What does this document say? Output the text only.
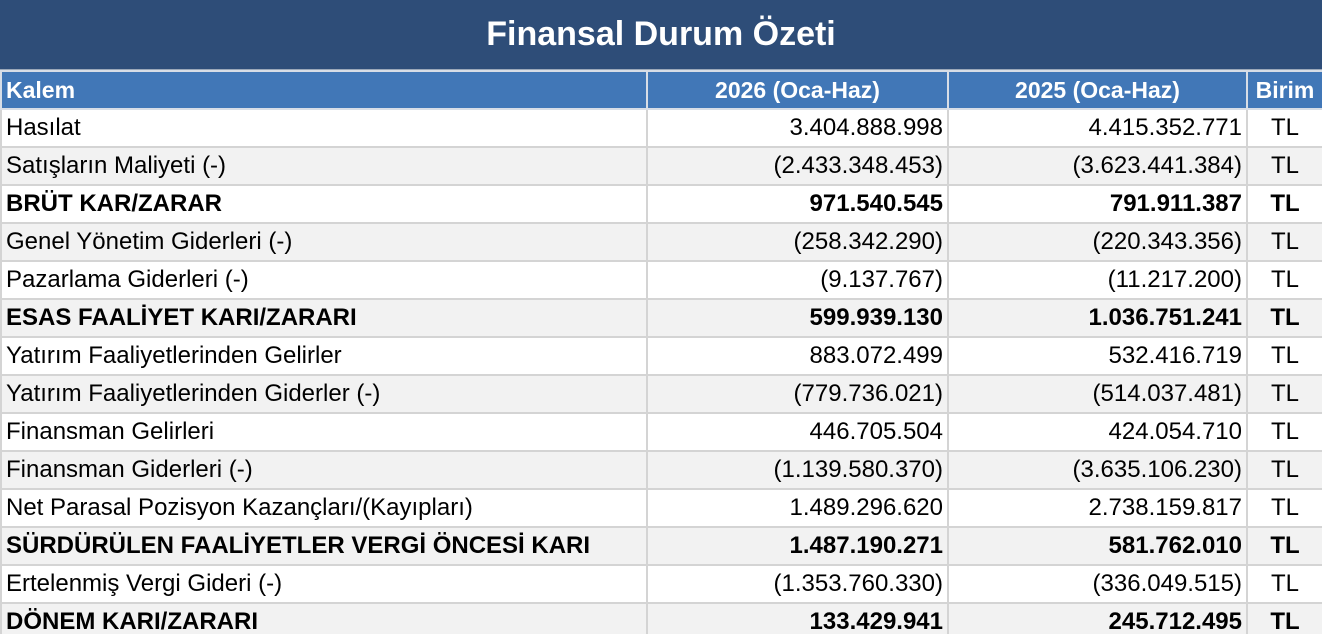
Finansal Durum Özeti
Kalem	2026 (Oca-Haz)	2025 (Oca-Haz)	Birim
Hasılat	3.404.888.998	4.415.352.771	TL
Satışların Maliyeti (-)	(2.433.348.453)	(3.623.441.384)	TL
BRÜT KAR/ZARAR	971.540.545	791.911.387	TL
Genel Yönetim Giderleri (-)	(258.342.290)	(220.343.356)	TL
Pazarlama Giderleri (-)	(9.137.767)	(11.217.200)	TL
ESAS FAALİYET KARI/ZARARI	599.939.130	1.036.751.241	TL
Yatırım Faaliyetlerinden Gelirler	883.072.499	532.416.719	TL
Yatırım Faaliyetlerinden Giderler (-)	(779.736.021)	(514.037.481)	TL
Finansman Gelirleri	446.705.504	424.054.710	TL
Finansman Giderleri (-)	(1.139.580.370)	(3.635.106.230)	TL
Net Parasal Pozisyon Kazançları/(Kayıpları)	1.489.296.620	2.738.159.817	TL
SÜRDÜRÜLEN FAALİYETLER VERGİ ÖNCESİ KARI	1.487.190.271	581.762.010	TL
Ertelenmiş Vergi Gideri (-)	(1.353.760.330)	(336.049.515)	TL
DÖNEM KARI/ZARARI	133.429.941	245.712.495	TL
